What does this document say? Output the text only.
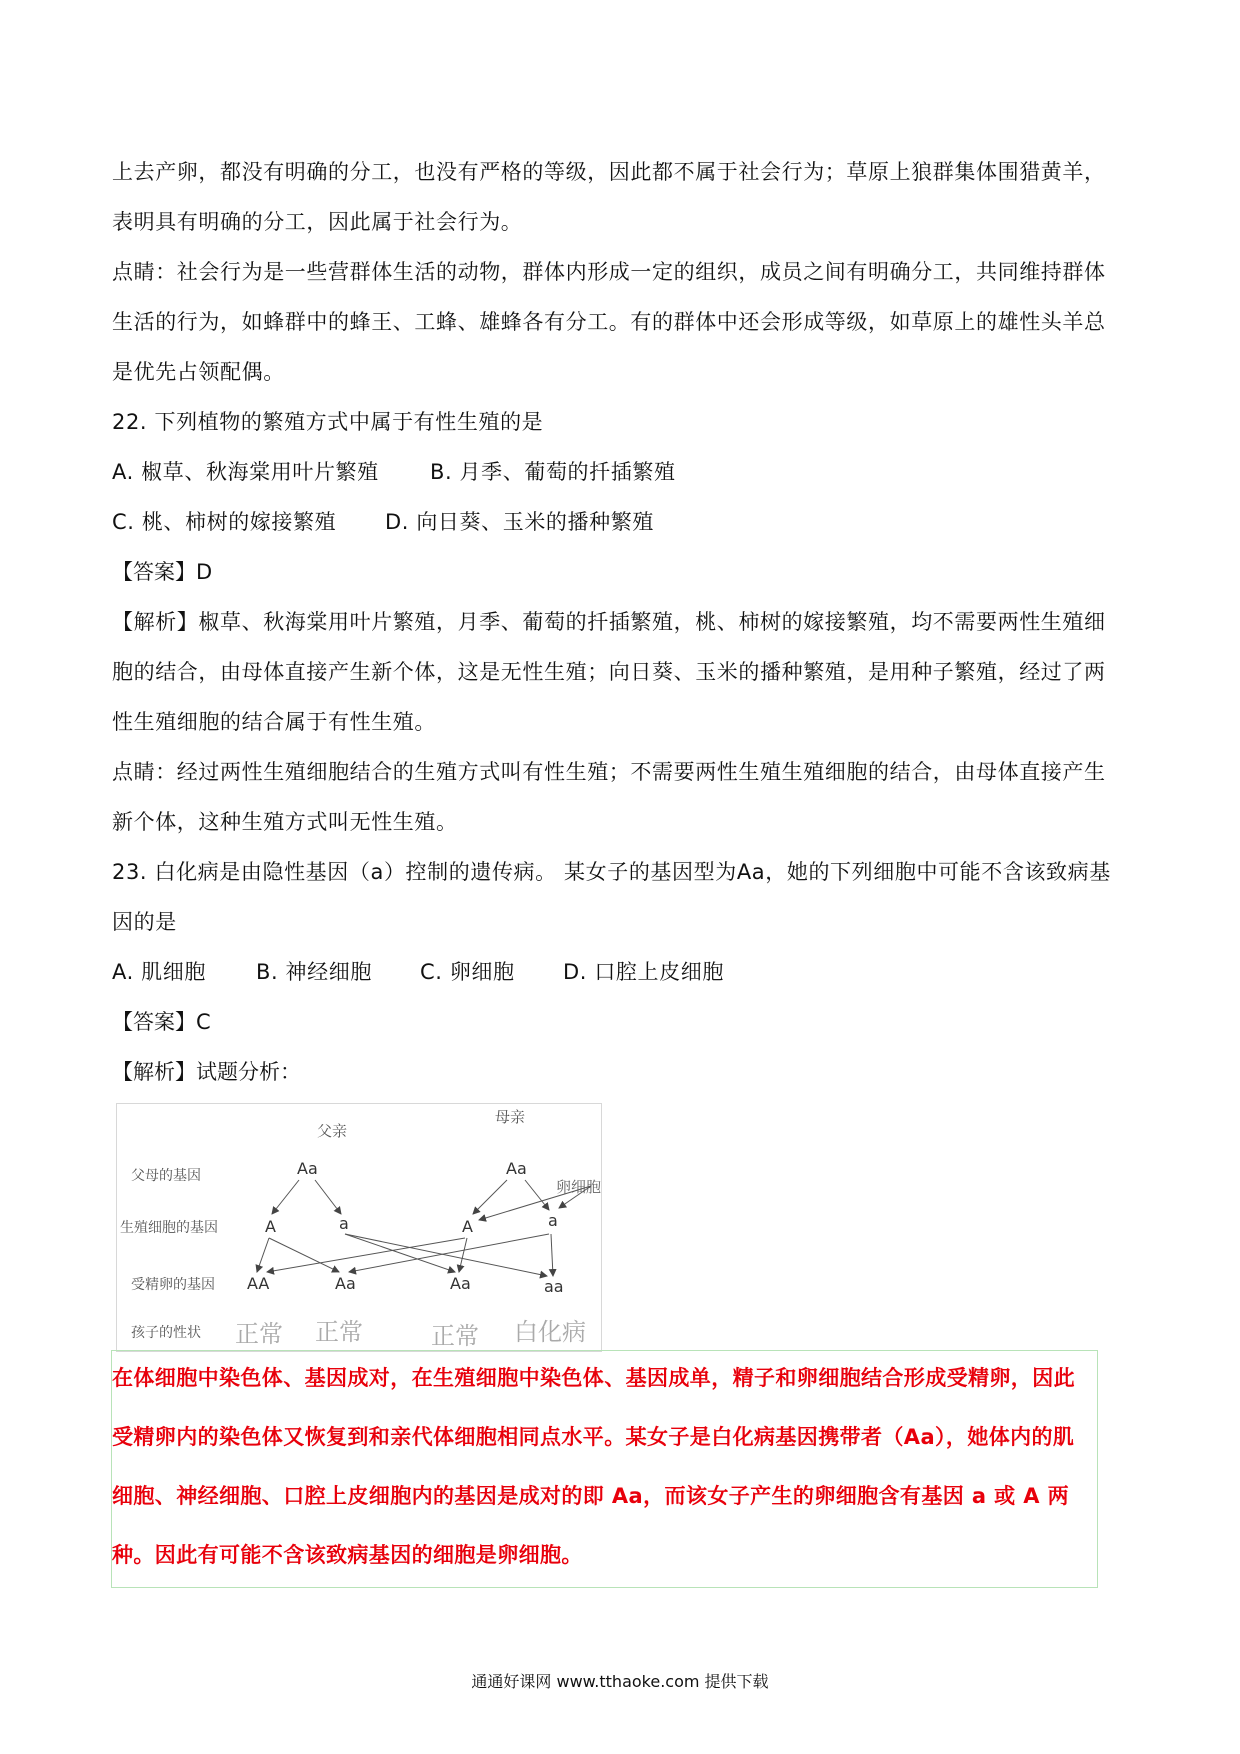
上去产卵，都没有明确的分工，也没有严格的等级，因此都不属于社会行为；草原上狼群集体围猎黄羊，
表明具有明确的分工，因此属于社会行为。
点睛：社会行为是一些营群体生活的动物，群体内形成一定的组织，成员之间有明确分工，共同维持群体
生活的行为，如蜂群中的蜂王、工蜂、雄蜂各有分工。有的群体中还会形成等级，如草原上的雄性头羊总
是优先占领配偶。
22. 下列植物的繁殖方式中属于有性生殖的是
A. 椒草、秋海棠用叶片繁殖 B. 月季、葡萄的扦插繁殖
C. 桃、柿树的嫁接繁殖 D. 向日葵、玉米的播种繁殖
【答案】D
【解析】椒草、秋海棠用叶片繁殖，月季、葡萄的扦插繁殖，桃、柿树的嫁接繁殖，均不需要两性生殖细
胞的结合，由母体直接产生新个体，这是无性生殖；向日葵、玉米的播种繁殖，是用种子繁殖，经过了两
性生殖细胞的结合属于有性生殖。
点睛：经过两性生殖细胞结合的生殖方式叫有性生殖；不需要两性生殖生殖细胞的结合，由母体直接产生
新个体，这种生殖方式叫无性生殖。
23. 白化病是由隐性基因（a）控制的遗传病。 某女子的基因型为Aa，她的下列细胞中可能不含该致病基
因的是
A. 肌细胞 B. 神经细胞 C. 卵细胞 D. 口腔上皮细胞
【答案】C
【解析】试题分析：
父亲
母亲
父母的基因
生殖细胞的基因
受精卵的基因
孩子的性状
Aa	Aa
卵细胞
A	a	A	a
AA	Aa	Aa	aa
正常 正常	正常 白化病
在体细胞中染色体、基因成对，在生殖细胞中染色体、基因成单，精子和卵细胞结合形成受精卵，因此
受精卵内的染色体又恢复到和亲代体细胞相同点水平。某女子是白化病基因携带者（Aa），她体内的肌
细胞、神经细胞、口腔上皮细胞内的基因是成对的即 Aa，而该女子产生的卵细胞含有基因 a 或 A 两
种。因此有可能不含该致病基因的细胞是卵细胞。
通通好课网 www.tthaoke.com 提供下载
